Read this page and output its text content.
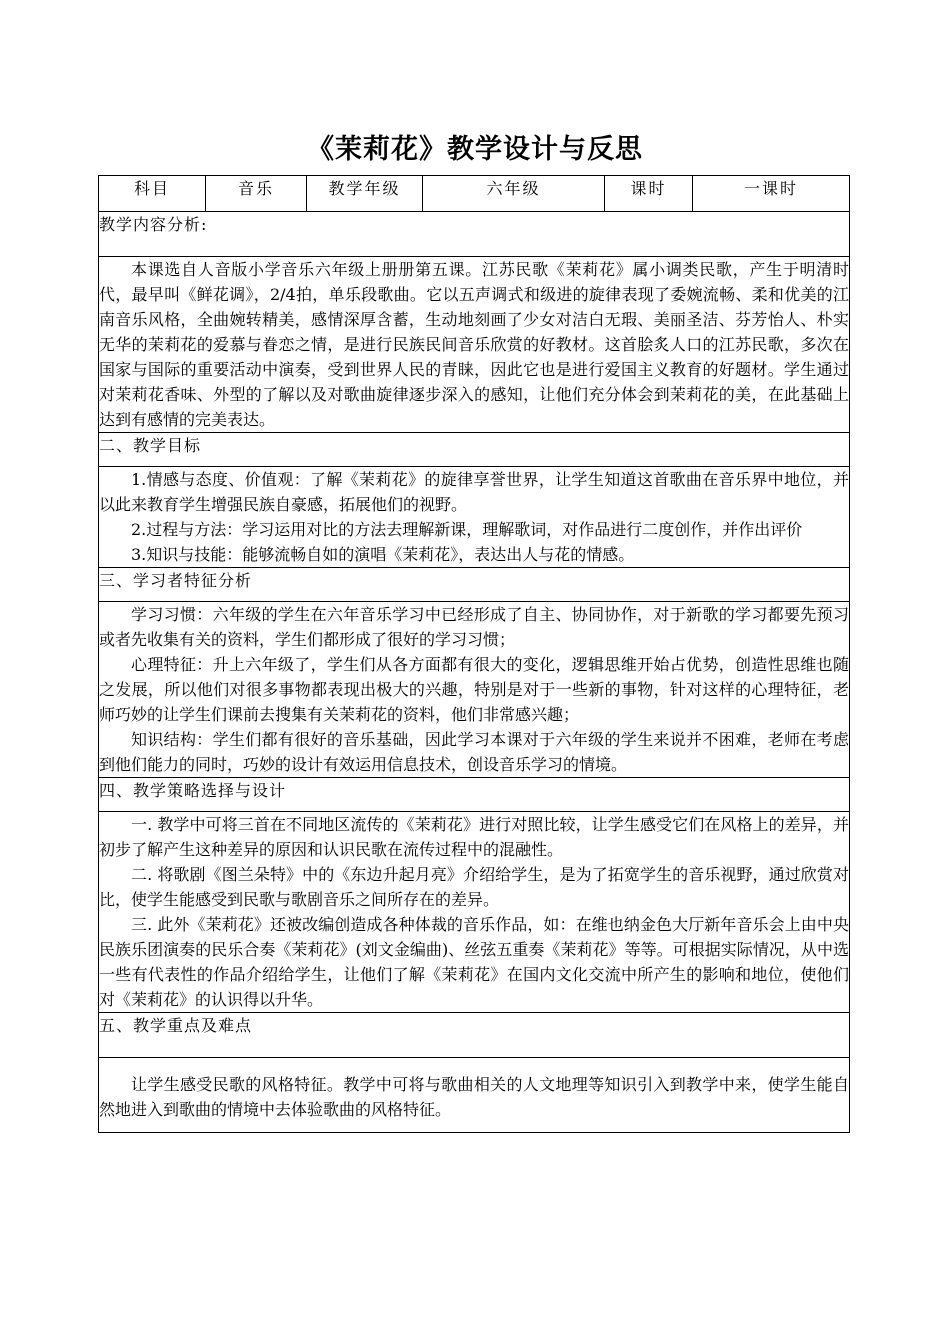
《茉莉花》教学设计与反思
科目	音乐	教学年级	六年级	课时	一课时
教学内容分析:

本课选自人音版小学音乐六年级上册册第五课。江苏民歌《茉莉花》属小调类民歌，产生于明清时代，最早叫《鲜花调》，2/4拍，单乐段歌曲。它以五声调式和级进的旋律表现了委婉流畅、柔和优美的江南音乐风格，全曲婉转精美，感情深厚含蓄，生动地刻画了少女对洁白无瑕、美丽圣洁、芬芳怡人、朴实无华的茉莉花的爱慕与眷恋之情，是进行民族民间音乐欣赏的好教材。这首脍炙人口的江苏民歌，多次在国家与国际的重要活动中演奏，受到世界人民的青睐，因此它也是进行爱国主义教育的好题材。学生通过对茉莉花香味、外型的了解以及对歌曲旋律逐步深入的感知，让他们充分体会到茉莉花的美，在此基础上达到有感情的完美表达。

二、教学目标

1.情感与态度、价值观：了解《茉莉花》的旋律享誉世界，让学生知道这首歌曲在音乐界中地位，并以此来教育学生增强民族自豪感，拓展他们的视野。

2.过程与方法：学习运用对比的方法去理解新课，理解歌词，对作品进行二度创作，并作出评价

3.知识与技能：能够流畅自如的演唱《茉莉花》，表达出人与花的情感。

三、学习者特征分析

学习习惯：六年级的学生在六年音乐学习中已经形成了自主、协同协作，对于新歌的学习都要先预习或者先收集有关的资料，学生们都形成了很好的学习习惯；

心理特征：升上六年级了，学生们从各方面都有很大的变化，逻辑思维开始占优势，创造性思维也随之发展，所以他们对很多事物都表现出极大的兴趣，特别是对于一些新的事物，针对这样的心理特征，老师巧妙的让学生们课前去搜集有关茉莉花的资料，他们非常感兴趣；

知识结构：学生们都有很好的音乐基础，因此学习本课对于六年级的学生来说并不困难，老师在考虑到他们能力的同时，巧妙的设计有效运用信息技术，创设音乐学习的情境。

四、教学策略选择与设计

一. 教学中可将三首在不同地区流传的《茉莉花》进行对照比较，让学生感受它们在风格上的差异，并初步了解产生这种差异的原因和认识民歌在流传过程中的混融性。

二. 将歌剧《图兰朵特》中的《东边升起月亮》介绍给学生，是为了拓宽学生的音乐视野，通过欣赏对比，使学生能感受到民歌与歌剧音乐之间所存在的差异。

三. 此外《茉莉花》还被改编创造成各种体裁的音乐作品，如：在维也纳金色大厅新年音乐会上由中央民族乐团演奏的民乐合奏《茉莉花》(刘文金编曲)、丝弦五重奏《茉莉花》等等。可根据实际情况，从中选一些有代表性的作品介绍给学生，让他们了解《茉莉花》在国内文化交流中所产生的影响和地位，使他们对《茉莉花》的认识得以升华。

五、教学重点及难点

让学生感受民歌的风格特征。教学中可将与歌曲相关的人文地理等知识引入到教学中来，使学生能自然地进入到歌曲的情境中去体验歌曲的风格特征。
